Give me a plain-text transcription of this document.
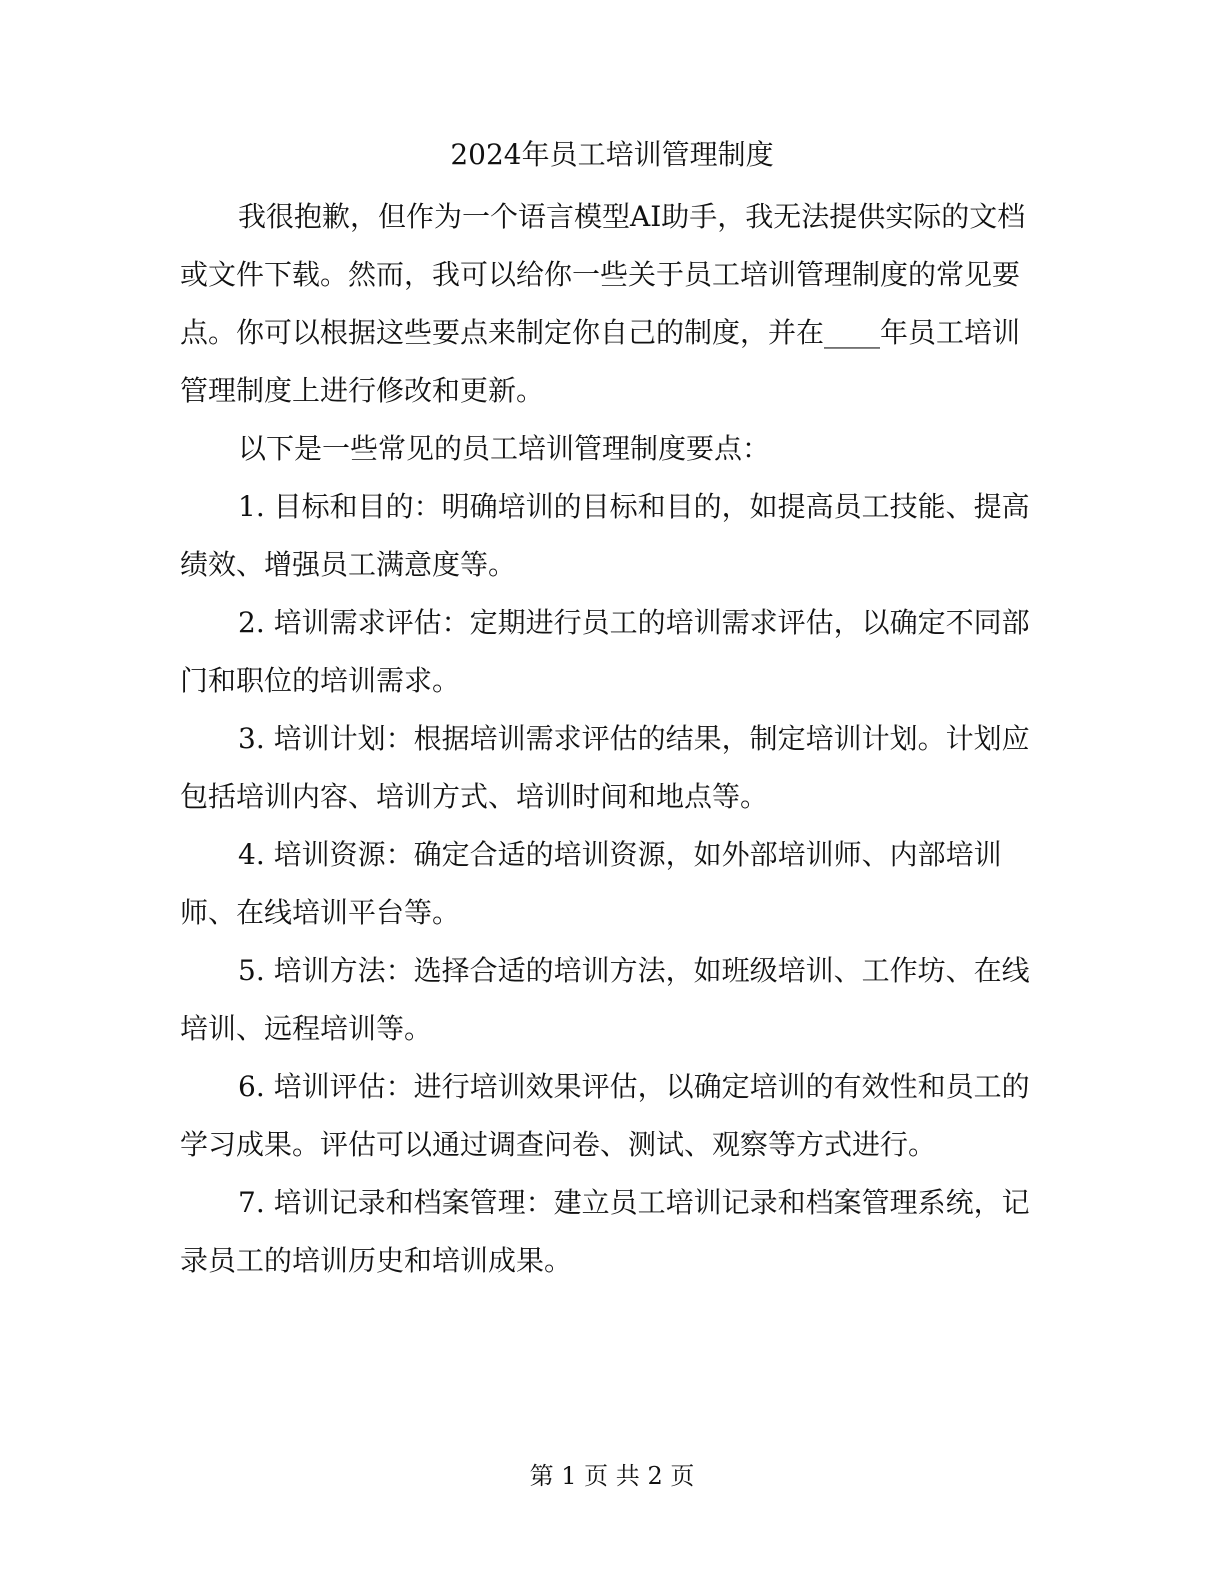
2024年员工培训管理制度

我很抱歉，但作为一个语言模型AI助手，我无法提供实际的文档或文件下载。然而，我可以给你一些关于员工培训管理制度的常见要点。你可以根据这些要点来制定你自己的制度，并在____年员工培训管理制度上进行修改和更新。

以下是一些常见的员工培训管理制度要点：

1. 目标和目的：明确培训的目标和目的，如提高员工技能、提高绩效、增强员工满意度等。

2. 培训需求评估：定期进行员工的培训需求评估，以确定不同部门和职位的培训需求。

3. 培训计划：根据培训需求评估的结果，制定培训计划。计划应包括培训内容、培训方式、培训时间和地点等。

4. 培训资源：确定合适的培训资源，如外部培训师、内部培训师、在线培训平台等。

5. 培训方法：选择合适的培训方法，如班级培训、工作坊、在线培训、远程培训等。

6. 培训评估：进行培训效果评估，以确定培训的有效性和员工的学习成果。评估可以通过调查问卷、测试、观察等方式进行。

7. 培训记录和档案管理：建立员工培训记录和档案管理系统，记录员工的培训历史和培训成果。

第 1 页 共 2 页
